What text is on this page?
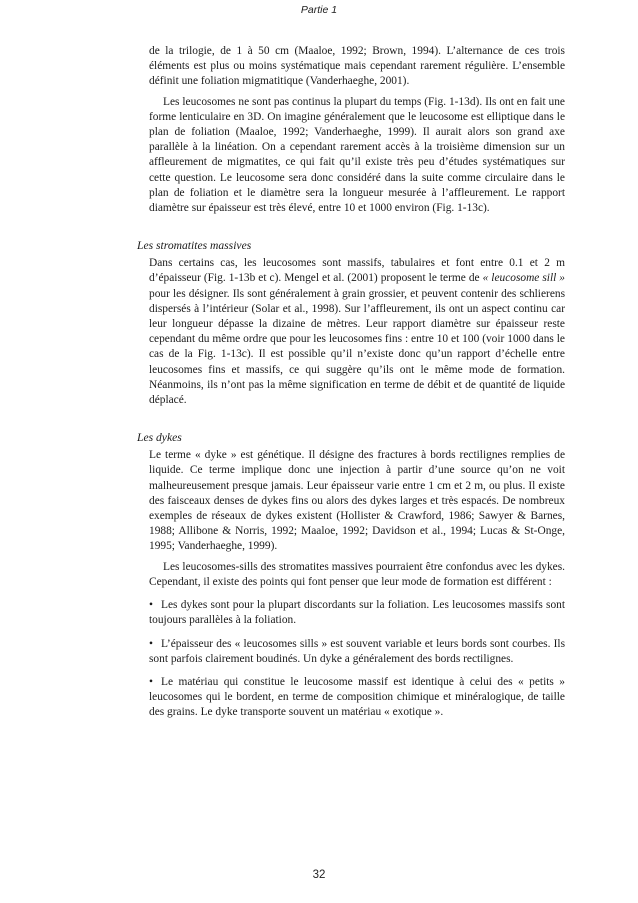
Partie 1

de la trilogie, de 1 à 50 cm (Maaloe, 1992; Brown, 1994). L’alternance de ces trois éléments est plus ou moins systématique mais cependant rarement régulière. L’ensemble définit une foliation migmatitique (Vanderhaeghe, 2001).

Les leucosomes ne sont pas continus la plupart du temps (Fig. 1-13d). Ils ont en fait une forme lenticulaire en 3D. On imagine généralement que le leucosome est elliptique dans le plan de foliation (Maaloe, 1992; Vanderhaeghe, 1999). Il aurait alors son grand axe parallèle à la linéation. On a cependant rarement accès à la troisième dimension sur un affleurement de migmatites, ce qui fait qu’il existe très peu d’études systématiques sur cette question. Le leucosome sera donc considéré dans la suite comme circulaire dans le plan de foliation et le diamètre sera la longueur mesurée à l’affleurement. Le rapport diamètre sur épaisseur est très élevé, entre 10 et 1000 environ (Fig. 1-13c).

Les stromatites massives

Dans certains cas, les leucosomes sont massifs, tabulaires et font entre 0.1 et 2 m d’épaisseur (Fig. 1-13b et c). Mengel et al. (2001) proposent le terme de « leucosome sill » pour les désigner. Ils sont généralement à grain grossier, et peuvent contenir des schlierens dispersés à l’intérieur (Solar et al., 1998). Sur l’affleurement, ils ont un aspect continu car leur longueur dépasse la dizaine de mètres. Leur rapport diamètre sur épaisseur reste cependant du même ordre que pour les leucosomes fins : entre 10 et 100 (voir 1000 dans le cas de la Fig. 1-13c). Il est possible qu’il n’existe donc qu’un rapport d’échelle entre leucosomes fins et massifs, ce qui suggère qu’ils ont le même mode de formation. Néanmoins, ils n’ont pas la même signification en terme de débit et de quantité de liquide déplacé.

Les dykes

Le terme « dyke » est génétique. Il désigne des fractures à bords rectilignes remplies de liquide. Ce terme implique donc une injection à partir d’une source qu’on ne voit malheureusement presque jamais. Leur épaisseur varie entre 1 cm et 2 m, ou plus. Il existe des faisceaux denses de dykes fins ou alors des dykes larges et très espacés. De nombreux exemples de réseaux de dykes existent (Hollister & Crawford, 1986; Sawyer & Barnes, 1988; Allibone & Norris, 1992; Maaloe, 1992; Davidson et al., 1994; Lucas & St-Onge, 1995; Vanderhaeghe, 1999).

Les leucosomes-sills des stromatites massives pourraient être confondus avec les dykes. Cependant, il existe des points qui font penser que leur mode de formation est différent :

• Les dykes sont pour la plupart discordants sur la foliation. Les leucosomes massifs sont toujours parallèles à la foliation.

• L’épaisseur des « leucosomes sills » est souvent variable et leurs bords sont courbes. Ils sont parfois clairement boudinés. Un dyke a généralement des bords rectilignes.

• Le matériau qui constitue le leucosome massif est identique à celui des « petits » leucosomes qui le bordent, en terme de composition chimique et minéralogique, de taille des grains. Le dyke transporte souvent un matériau « exotique ».

32
